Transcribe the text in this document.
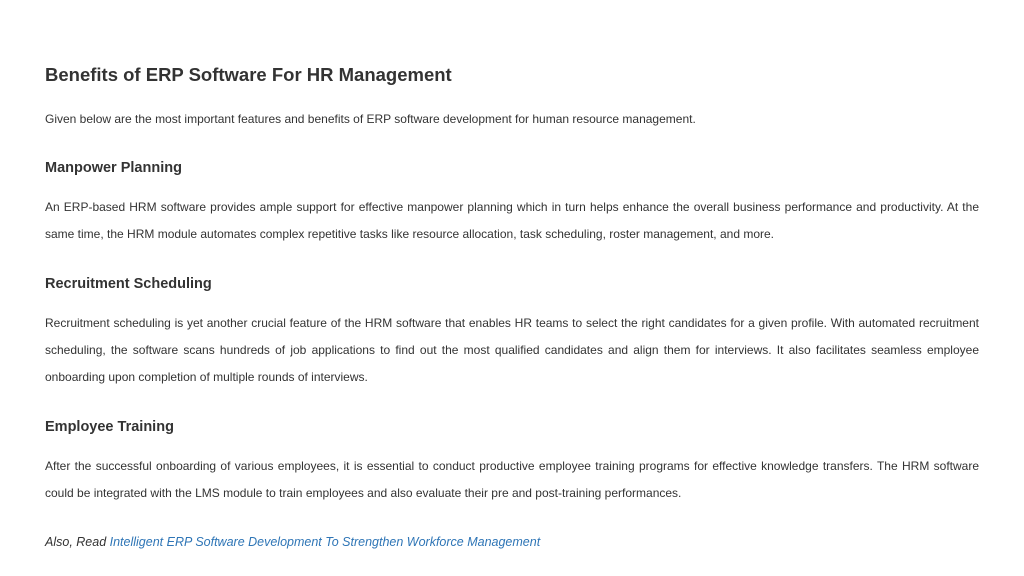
Benefits of ERP Software For HR Management

Given below are the most important features and benefits of ERP software development for human resource management.

Manpower Planning

An ERP-based HRM software provides ample support for effective manpower planning which in turn helps enhance the overall business performance and productivity. At the same time, the HRM module automates complex repetitive tasks like resource allocation, task scheduling, roster management, and more.

Recruitment Scheduling

Recruitment scheduling is yet another crucial feature of the HRM software that enables HR teams to select the right candidates for a given profile. With automated recruitment scheduling, the software scans hundreds of job applications to find out the most qualified candidates and align them for interviews. It also facilitates seamless employee onboarding upon completion of multiple rounds of interviews.

Employee Training

After the successful onboarding of various employees, it is essential to conduct productive employee training programs for effective knowledge transfers. The HRM software could be integrated with the LMS module to train employees and also evaluate their pre and post-training performances.

Also, Read Intelligent ERP Software Development To Strengthen Workforce Management
